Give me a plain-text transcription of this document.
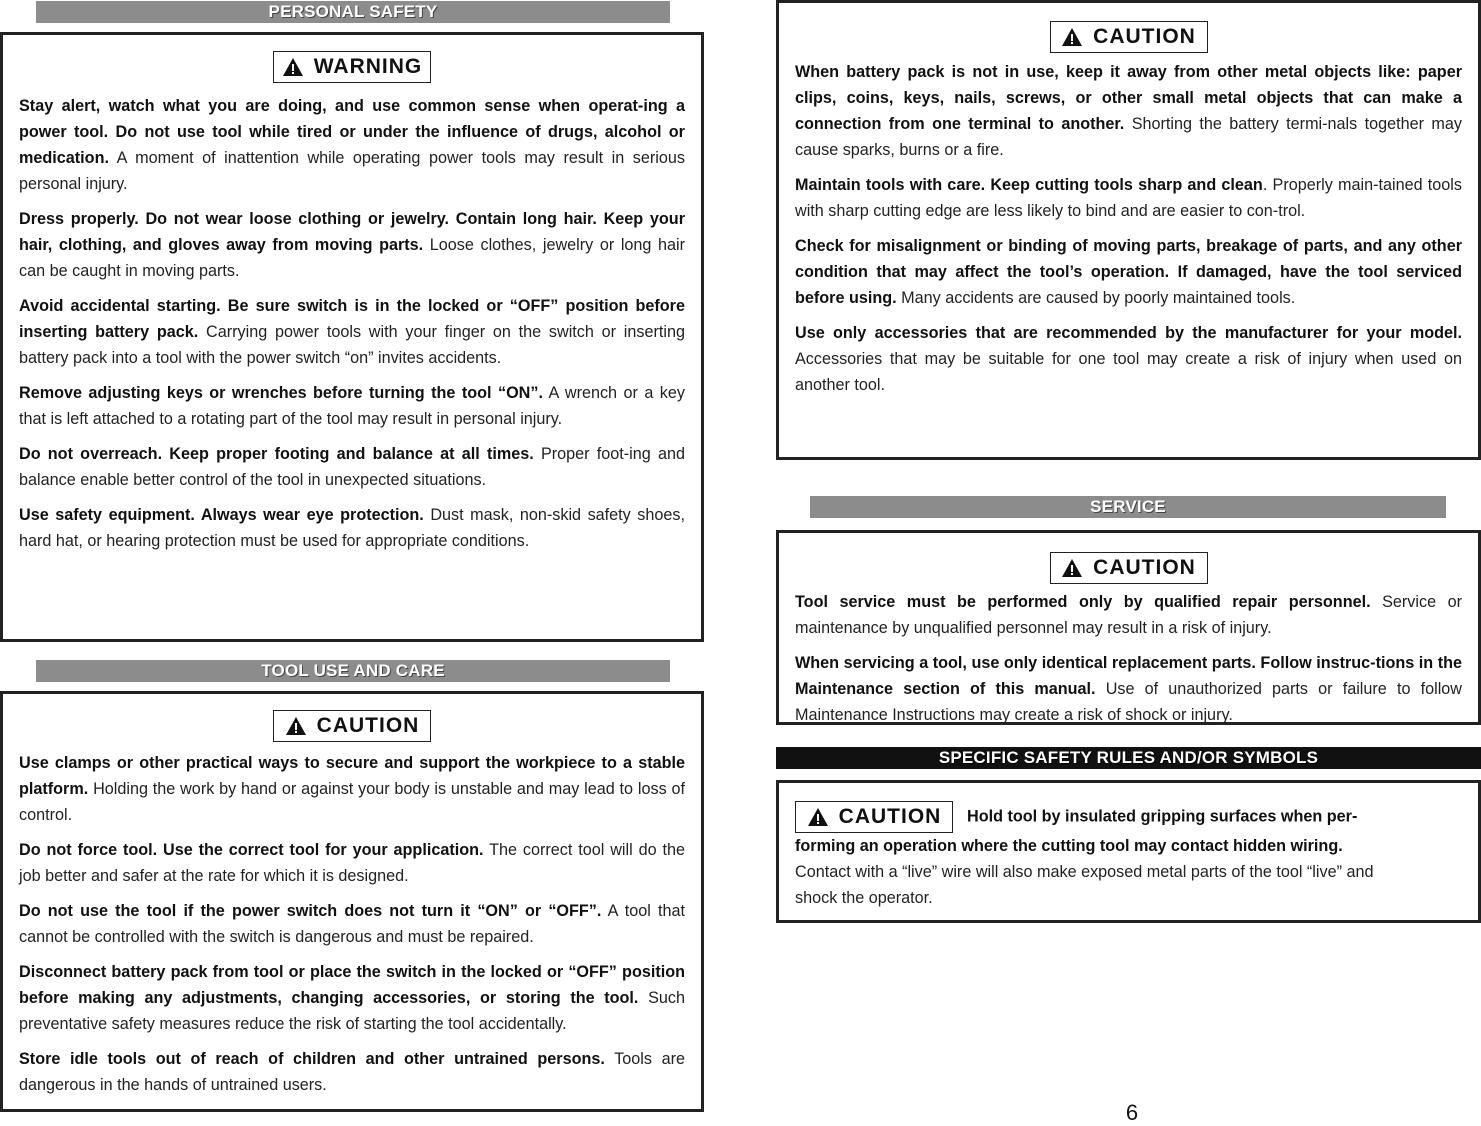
PERSONAL SAFETY
WARNING

Stay alert, watch what you are doing, and use common sense when operat-ing a power tool. Do not use tool while tired or under the influence of drugs, alcohol or medication. A moment of inattention while operating power tools may result in serious personal injury.

Dress properly. Do not wear loose clothing or jewelry. Contain long hair. Keep your hair, clothing, and gloves away from moving parts. Loose clothes, jewelry or long hair can be caught in moving parts.

Avoid accidental starting. Be sure switch is in the locked or “OFF” position before inserting battery pack. Carrying power tools with your finger on the switch or inserting battery pack into a tool with the power switch “on” invites accidents.

Remove adjusting keys or wrenches before turning the tool “ON”. A wrench or a key that is left attached to a rotating part of the tool may result in personal injury.

Do not overreach. Keep proper footing and balance at all times. Proper foot-ing and balance enable better control of the tool in unexpected situations.

Use safety equipment. Always wear eye protection. Dust mask, non-skid safety shoes, hard hat, or hearing protection must be used for appropriate conditions.

TOOL USE AND CARE
CAUTION

Use clamps or other practical ways to secure and support the workpiece to a stable platform. Holding the work by hand or against your body is unstable and may lead to loss of control.

Do not force tool. Use the correct tool for your application. The correct tool will do the job better and safer at the rate for which it is designed.

Do not use the tool if the power switch does not turn it “ON” or “OFF”. A tool that cannot be controlled with the switch is dangerous and must be repaired.

Disconnect battery pack from tool or place the switch in the locked or “OFF” position before making any adjustments, changing accessories, or storing the tool. Such preventative safety measures reduce the risk of starting the tool accidentally.

Store idle tools out of reach of children and other untrained persons. Tools are dangerous in the hands of untrained users.

CAUTION

When battery pack is not in use, keep it away from other metal objects like: paper clips, coins, keys, nails, screws, or other small metal objects that can make a connection from one terminal to another. Shorting the battery termi-nals together may cause sparks, burns or a fire.

Maintain tools with care. Keep cutting tools sharp and clean. Properly main-tained tools with sharp cutting edge are less likely to bind and are easier to con-trol.

Check for misalignment or binding of moving parts, breakage of parts, and any other condition that may affect the tool’s operation. If damaged, have the tool serviced before using. Many accidents are caused by poorly maintained tools.

Use only accessories that are recommended by the manufacturer for your model. Accessories that may be suitable for one tool may create a risk of injury when used on another tool.

SERVICE
CAUTION

Tool service must be performed only by qualified repair personnel. Service or maintenance by unqualified personnel may result in a risk of injury.

When servicing a tool, use only identical replacement parts. Follow instruc-tions in the Maintenance section of this manual. Use of unauthorized parts or failure to follow Maintenance Instructions may create a risk of shock or injury.

SPECIFIC SAFETY RULES AND/OR SYMBOLS

CAUTION Hold tool by insulated gripping surfaces when per-forming an operation where the cutting tool may contact hidden wiring.
Contact with a “live” wire will also make exposed metal parts of the tool “live” and shock the operator.

6
